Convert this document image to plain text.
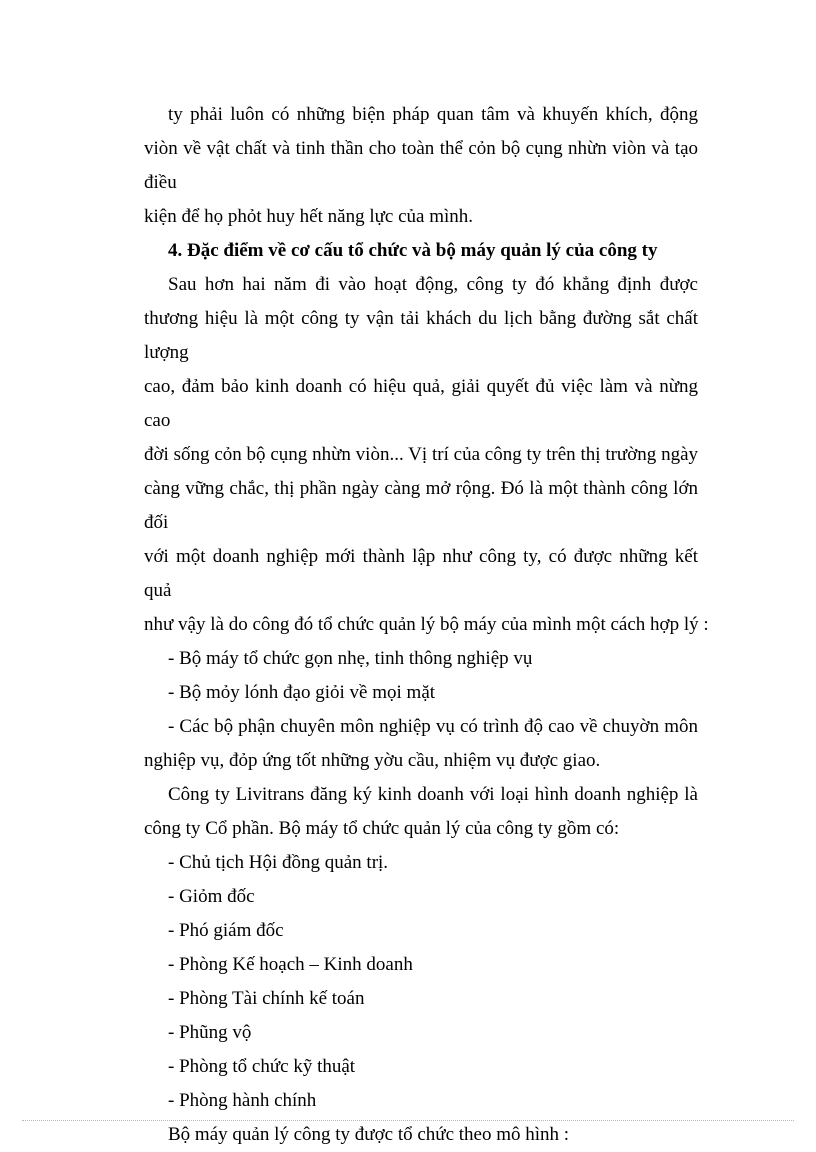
ty phải luôn có những biện pháp quan tâm và khuyến khích, động
viòn về vật chất và tinh thần cho toàn thể cỏn bộ cụng nhừn viòn và tạo điều
kiện để họ phỏt huy hết năng lực của mình.

4. Đặc điểm về cơ cấu tổ chức và bộ máy quản lý của công ty

Sau hơn hai năm đi vào hoạt động, công ty đó khẳng định được
thương hiệu là một công ty vận tải khách du lịch bằng đường sắt chất lượng
cao, đảm bảo kinh doanh có hiệu quả, giải quyết đủ việc làm và nừng cao
đời sống cỏn bộ cụng nhừn viòn... Vị trí của công ty trên thị trường ngày
càng vững chắc, thị phần ngày càng mở rộng. Đó là một thành công lớn đối
với một doanh nghiệp mới thành lập như công ty, có được những kết quả
như vậy là do công đó tổ chức quản lý bộ máy của mình một cách hợp lý :

- Bộ máy tổ chức gọn nhẹ, tinh thông nghiệp vụ

- Bộ mỏy lónh đạo giỏi về mọi mặt

- Các bộ phận chuyên môn nghiệp vụ có trình độ cao về chuyờn môn
nghiệp vụ, đỏp ứng tốt những yờu cầu, nhiệm vụ được giao.

Công ty Livitrans đăng ký kinh doanh với loại hình doanh nghiệp là
công ty Cổ phần. Bộ máy tổ chức quản lý của công ty gồm có:

- Chủ tịch Hội đồng quản trị.

- Giỏm đốc

- Phó giám đốc

- Phòng Kế hoạch – Kinh doanh

- Phòng Tài chính kế toán

- Phũng vộ

- Phòng tổ chức kỹ thuật

- Phòng hành chính

Bộ máy quản lý công ty được tổ chức theo mô hình :
